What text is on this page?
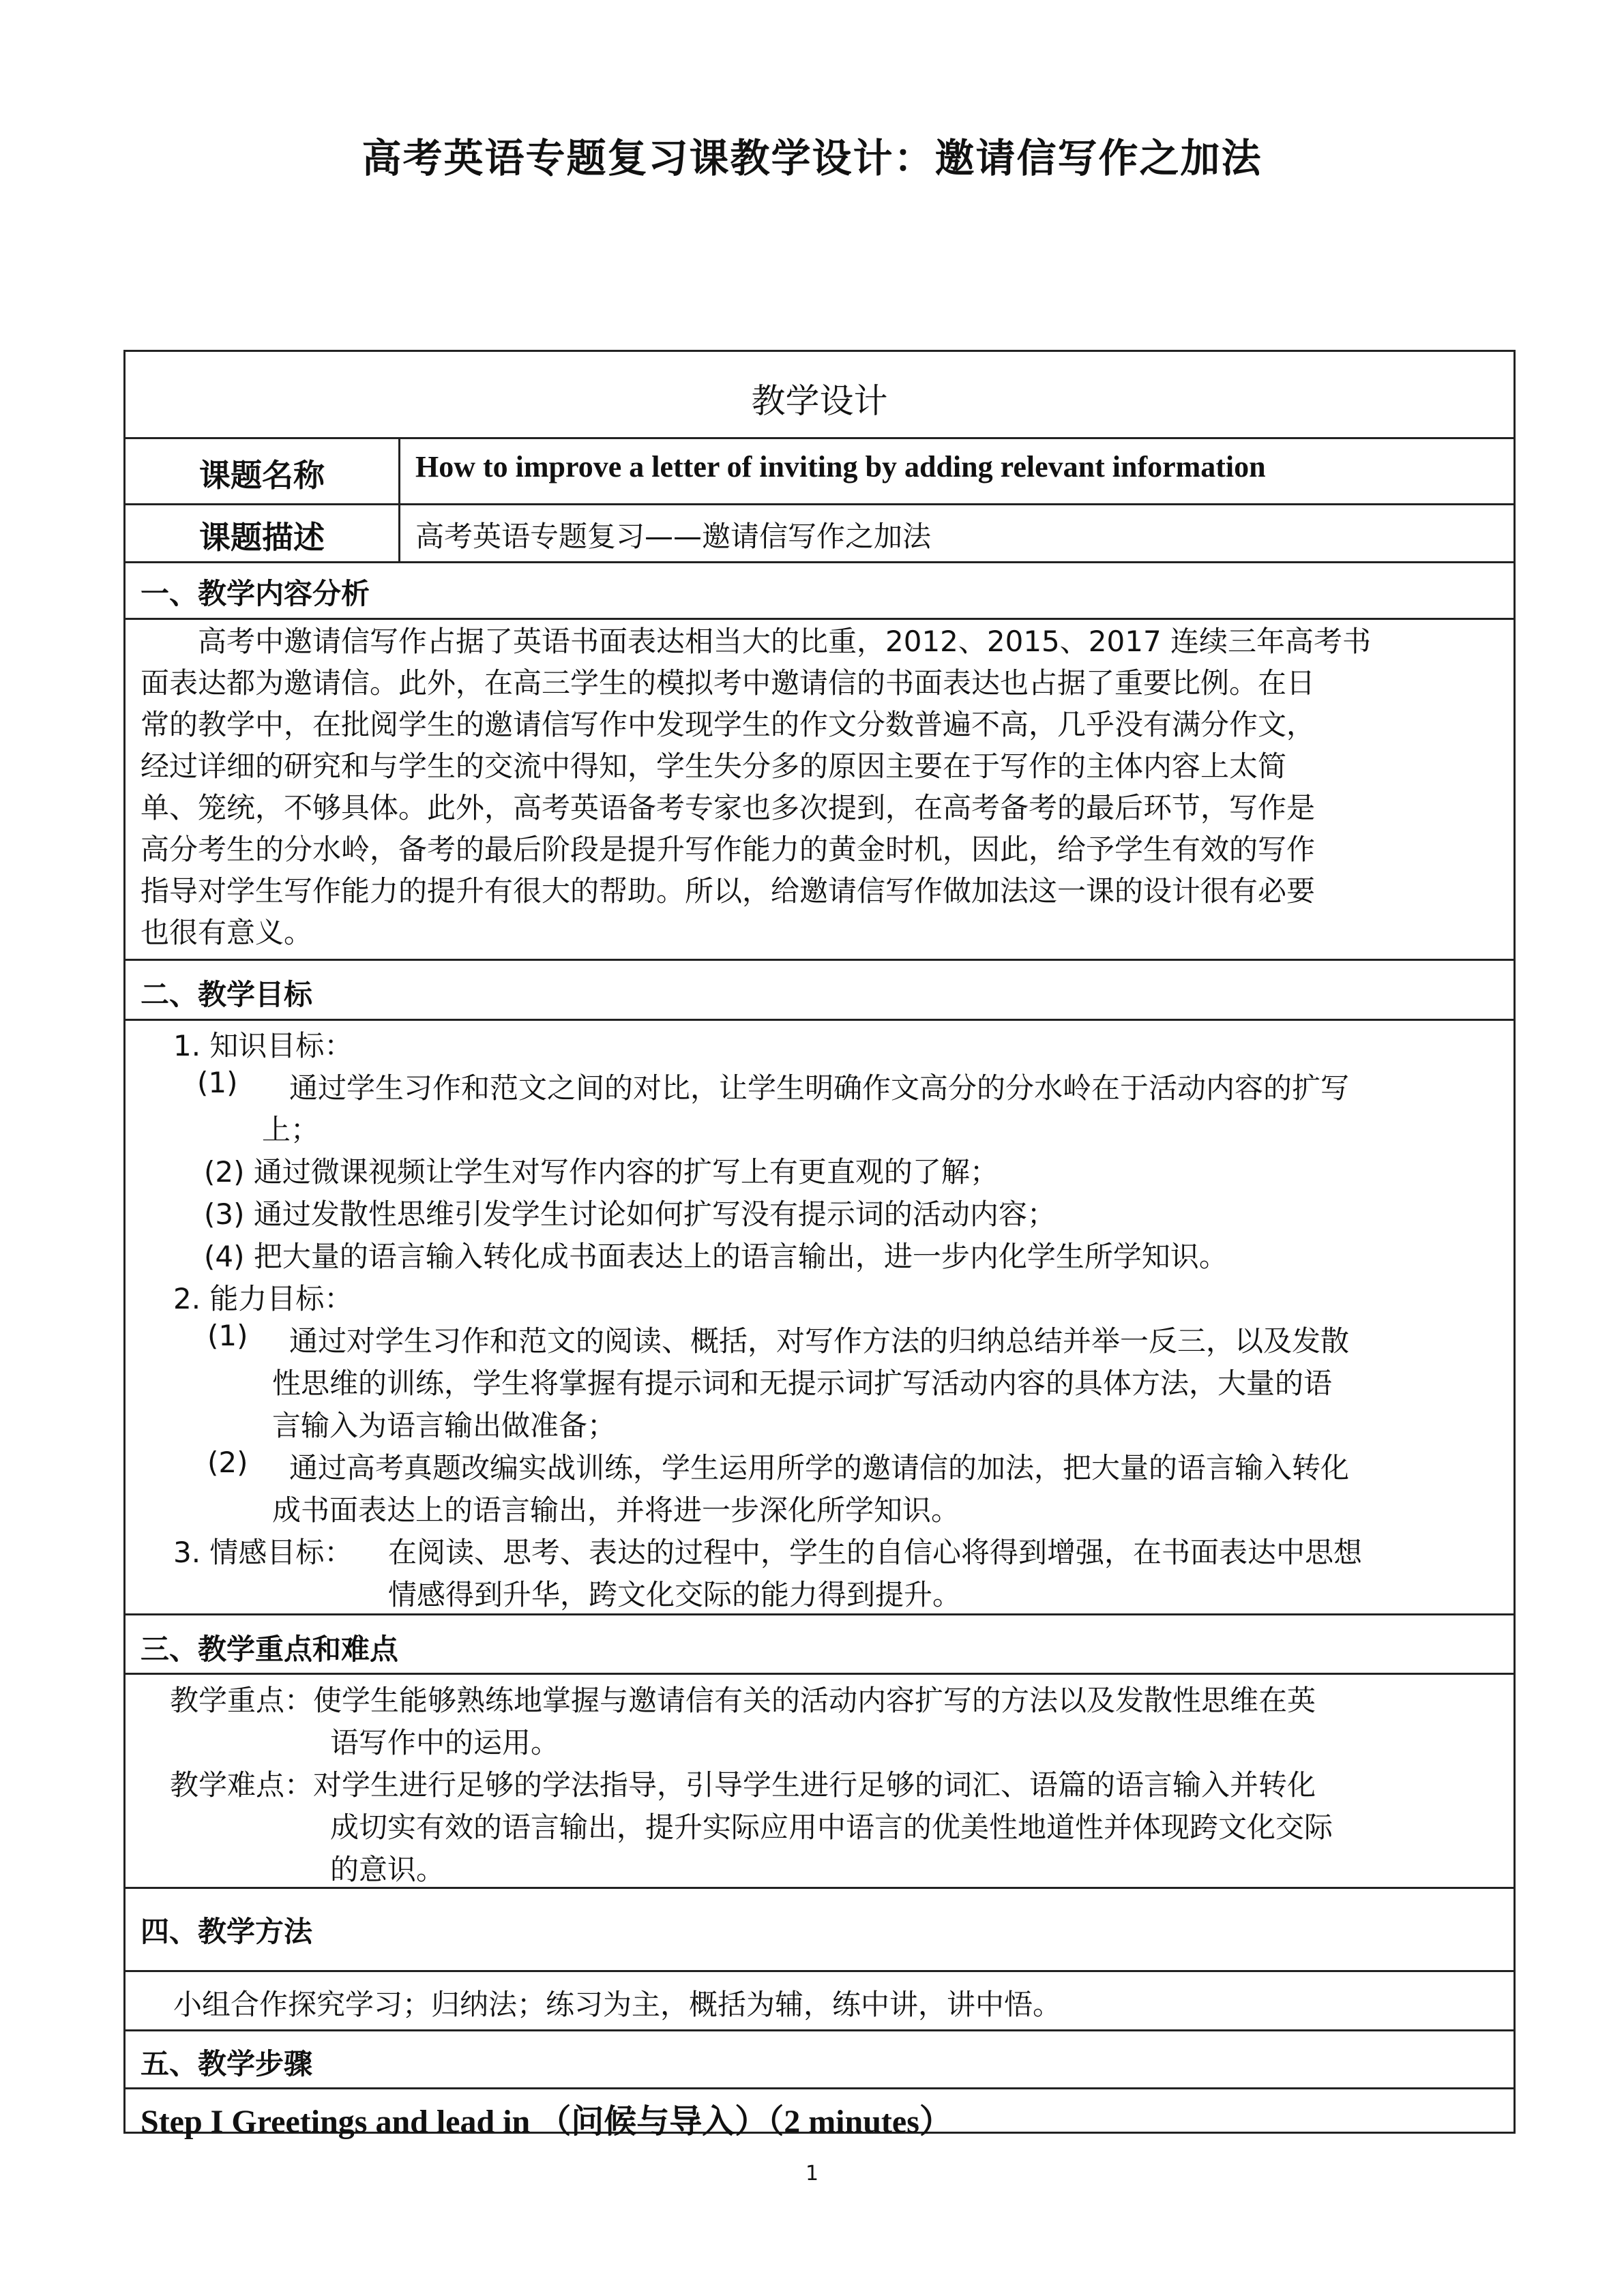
高考英语专题复习课教学设计：邀请信写作之加法
教学设计
课题名称	How to improve a letter of inviting by adding relevant information
课题描述	高考英语专题复习——邀请信写作之加法
一、教学内容分析
　　高考中邀请信写作占据了英语书面表达相当大的比重，2012、2015、2017 连续三年高考书
面表达都为邀请信。此外，在高三学生的模拟考中邀请信的书面表达也占据了重要比例。在日
常的教学中，在批阅学生的邀请信写作中发现学生的作文分数普遍不高，几乎没有满分作文，
经过详细的研究和与学生的交流中得知，学生失分多的原因主要在于写作的主体内容上太简
单、笼统，不够具体。此外，高考英语备考专家也多次提到，在高考备考的最后环节，写作是
高分考生的分水岭，备考的最后阶段是提升写作能力的黄金时机，因此，给予学生有效的写作
指导对学生写作能力的提升有很大的帮助。所以，给邀请信写作做加法这一课的设计很有必要
也很有意义。
二、教学目标
1. 知识目标：
(1) 通过学生习作和范文之间的对比，让学生明确作文高分的分水岭在于活动内容的扩写
上；
(2) 通过微课视频让学生对写作内容的扩写上有更直观的了解；
(3) 通过发散性思维引发学生讨论如何扩写没有提示词的活动内容；
(4) 把大量的语言输入转化成书面表达上的语言输出，进一步内化学生所学知识。
2. 能力目标：
(1) 通过对学生习作和范文的阅读、概括，对写作方法的归纳总结并举一反三，以及发散
性思维的训练，学生将掌握有提示词和无提示词扩写活动内容的具体方法，大量的语
言输入为语言输出做准备；
(2) 通过高考真题改编实战训练，学生运用所学的邀请信的加法，把大量的语言输入转化
成书面表达上的语言输出，并将进一步深化所学知识。
3. 情感目标： 在阅读、思考、表达的过程中，学生的自信心将得到增强，在书面表达中思想
情感得到升华，跨文化交际的能力得到提升。
三、教学重点和难点
教学重点： 使学生能够熟练地掌握与邀请信有关的活动内容扩写的方法以及发散性思维在英
语写作中的运用。
教学难点： 对学生进行足够的学法指导，引导学生进行足够的词汇、语篇的语言输入并转化
成切实有效的语言输出，提升实际应用中语言的优美性地道性并体现跨文化交际
的意识。
四、教学方法
小组合作探究学习；归纳法；练习为主，概括为辅，练中讲，讲中悟。
五、教学步骤
Step I Greetings and lead in （问候与导入）（2 minutes）
1
